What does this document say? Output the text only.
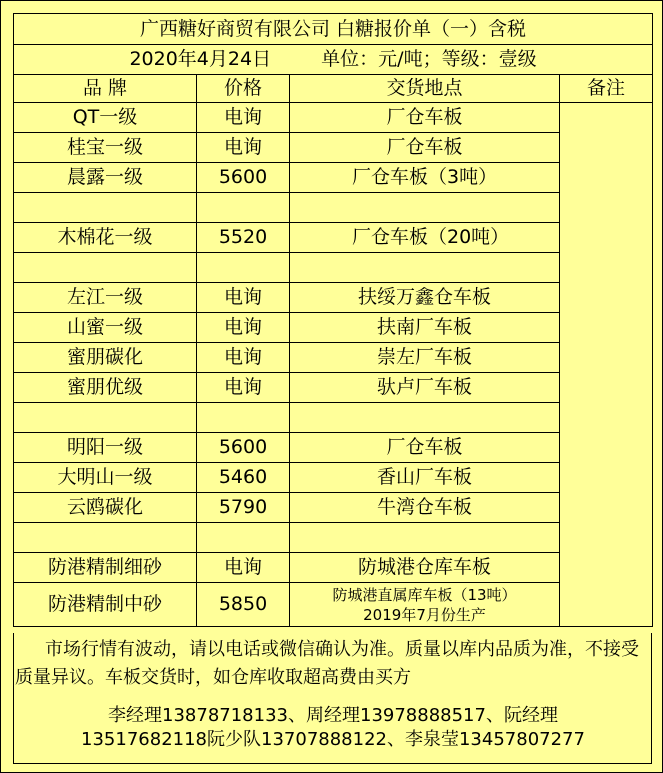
广西糖好商贸有限公司 白糖报价单（一）含税			
2020年4月24日 单位：元/吨；等级：壹级			
品 牌	价格	交货地点	备注
QT一级	电询	厂仓车板	
桂宝一级	电询	厂仓车板	
晨露一级	5600	厂仓车板（3吨）	

木棉花一级	5520	厂仓车板（20吨）	

左江一级	电询	扶绥万鑫仓车板	
山蜜一级	电询	扶南厂车板	
蜜朋碳化	电询	崇左厂车板	
蜜朋优级	电询	驮卢厂车板	

明阳一级	5600	厂仓车板	
大明山一级	5460	香山厂车板	
云鸥碳化	5790	牛湾仓车板	

防港精制细砂	电询	防城港仓库车板	
防港精制中砂	5850	防城港直属库车板（13吨）
2019年7月份生产	
市场行情有波动，请以电话或微信确认为准。质量以库内品质为准，不接受质量异议。车板交货时，如仓库收取超高费由买方
李经理13878718133、周经理13978888517、阮经理
13517682118阮少队13707888122、李泉莹13457807277
